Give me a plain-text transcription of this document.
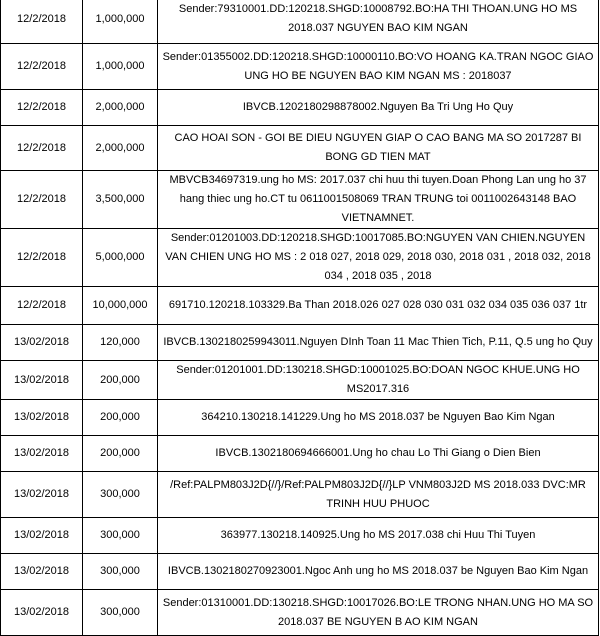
12/2/2018	1,000,000	Sender:79310001.DD:120218.SHGD:10008792.BO:HA THI THOAN.UNG HO MS 2018.037 NGUYEN BAO KIM NGAN
12/2/2018	1,000,000	Sender:01355002.DD:120218.SHGD:10000110.BO:VO HOANG KA.TRAN NGOC GIAO UNG HO BE NGUYEN BAO KIM NGAN MS : 2018037
12/2/2018	2,000,000	IBVCB.1202180298878002.Nguyen Ba Tri Ung Ho Quy
12/2/2018	2,000,000	CAO HOAI SON - GOI BE DIEU NGUYEN GIAP O CAO BANG MA SO 2017287 BI BONG GD TIEN MAT
12/2/2018	3,500,000	MBVCB34697319.ung ho MS: 2017.037 chi huu thi tuyen.Doan Phong Lan ung ho 37 hang thiec ung ho.CT tu 0611001508069 TRAN TRUNG toi 0011002643148 BAO VIETNAMNET.
12/2/2018	5,000,000	Sender:01201003.DD:120218.SHGD:10017085.BO:NGUYEN VAN CHIEN.NGUYEN VAN CHIEN UNG HO MS : 2 018 027, 2018 029, 2018 030, 2018 031 , 2018 032, 2018 034 , 2018 035 , 2018
12/2/2018	10,000,000	691710.120218.103329.Ba Than 2018.026 027 028 030 031 032 034 035 036 037 1tr
13/02/2018	120,000	IBVCB.1302180259943011.Nguyen DInh Toan 11 Mac Thien Tich, P.11, Q.5 ung ho Quy
13/02/2018	200,000	Sender:01201001.DD:130218.SHGD:10001025.BO:DOAN NGOC KHUE.UNG HO MS2017.316
13/02/2018	200,000	364210.130218.141229.Ung ho MS 2018.037 be Nguyen Bao Kim Ngan
13/02/2018	200,000	IBVCB.1302180694666001.Ung ho chau Lo Thi Giang o Dien Bien
13/02/2018	300,000	/Ref:PALPM803J2D{//}/Ref:PALPM803J2D{//}LP VNM803J2D MS 2018.033 DVC:MR TRINH HUU PHUOC
13/02/2018	300,000	363977.130218.140925.Ung ho MS 2017.038 chi Huu Thi Tuyen
13/02/2018	300,000	IBVCB.1302180270923001.Ngoc Anh ung ho MS 2018.037 be Nguyen Bao Kim Ngan
13/02/2018	300,000	Sender:01310001.DD:130218.SHGD:10017026.BO:LE TRONG NHAN.UNG HO MA SO 2018.037 BE NGUYEN B AO KIM NGAN
